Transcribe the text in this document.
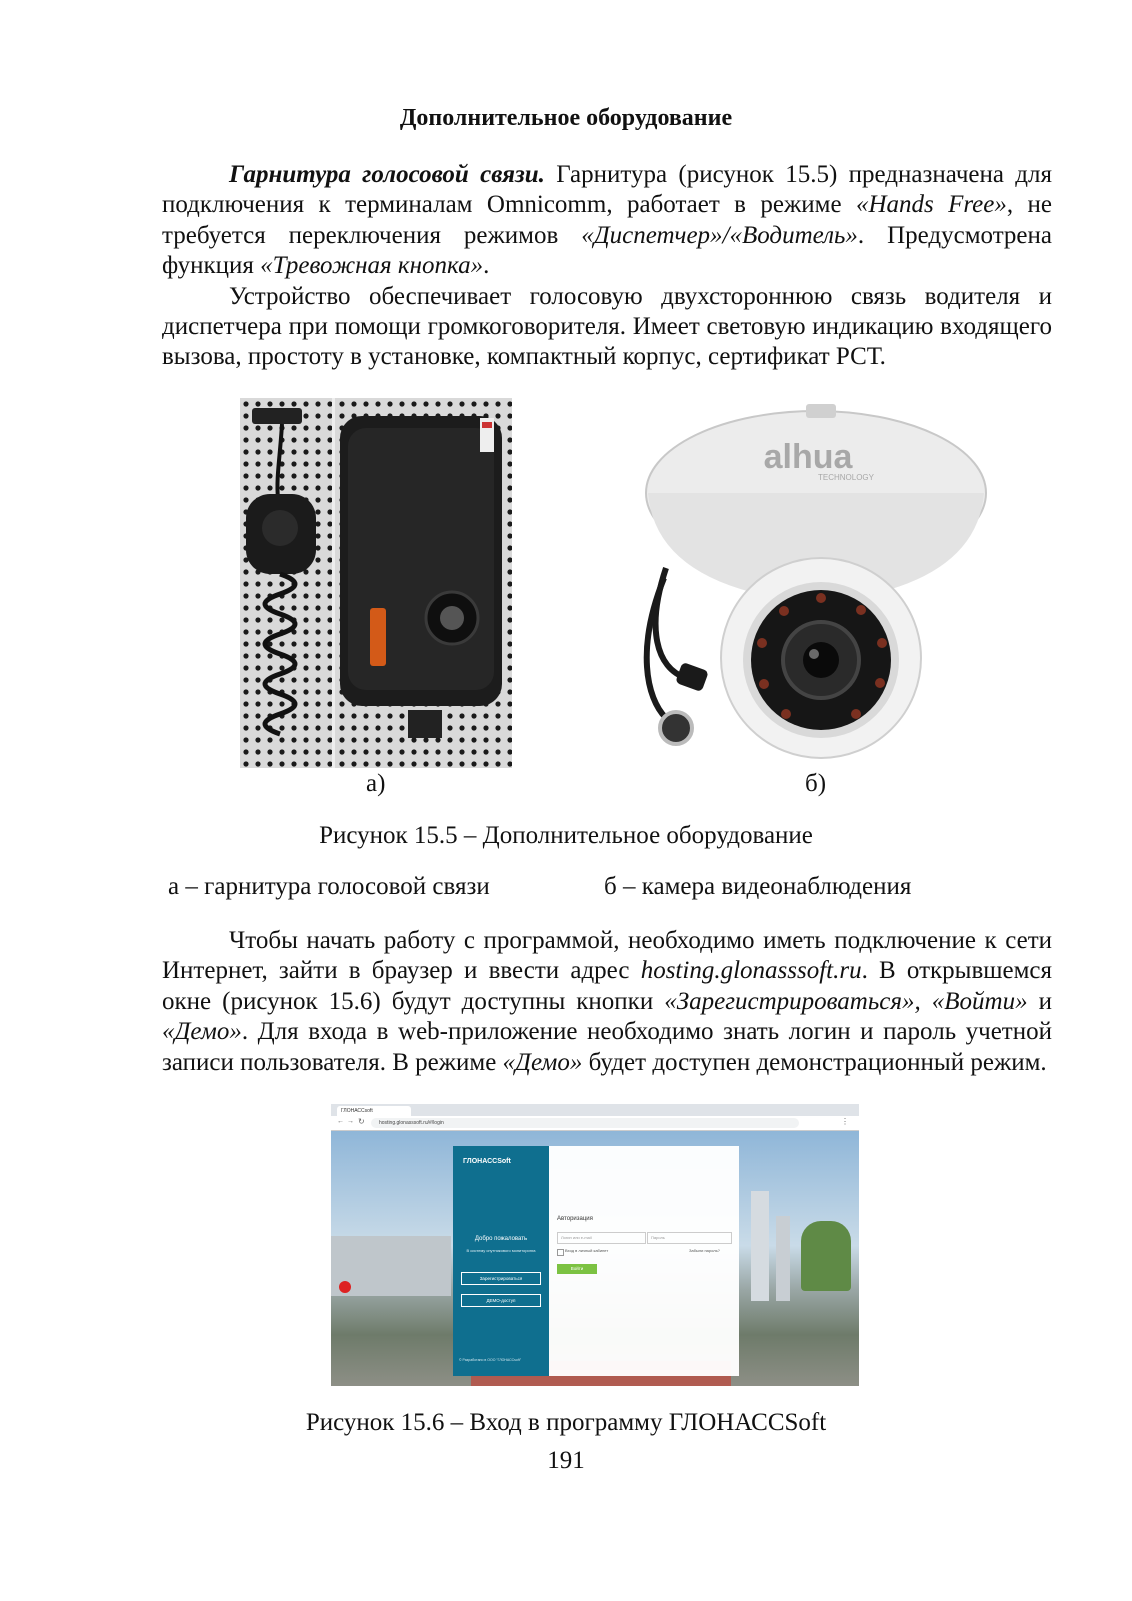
Дополнительное оборудование

Гарнитура голосовой связи. Гарнитура (рисунок 15.5) предназначена для подключения к терминалам Omnicomm, работает в режиме «Hands Free», не требуется переключения режимов «Диспетчер»/«Водитель». Предусмотрена функция «Тревожная кнопка».

Устройство обеспечивает голосовую двухстороннюю связь водителя и диспетчера при помощи громкоговорителя. Имеет световую индикацию входящего вызова, простоту в установке, компактный корпус, сертификат РСТ.

а)
alhua
TECHNOLOGY
б)
Рисунок 15.5 – Дополнительное оборудование
а – гарнитура голосовой связи	б – камера видеонаблюдения

Чтобы начать работу с программой, необходимо иметь подключение к сети Интернет, зайти в браузер и ввести адрес hosting.glonasssoft.ru. В открывшемся окне (рисунок 15.6) будут доступны кнопки «Зарегистрироваться», «Войти» и «Демо». Для входа в web-приложение необходимо знать логин и пароль учетной записи пользователя. В режиме «Демо» будет доступен демонстрационный режим.

ГЛОНАССsoft
← → ↻	hosting.glonasssoft.ru/#/login	⋮
ГЛОНАССSoft
Добро пожаловать
В систему спутникового мониторинга
Зарегистрироваться
ДЕМО-доступ
© Разработано в ООО "ГЛОНАССsoft"
Авторизация
Логин или e-mail	Пароль
Вход в личный кабинет	Забыли пароль?
Войти
Рисунок 15.6 – Вход в программу ГЛОНАССSoft
191
